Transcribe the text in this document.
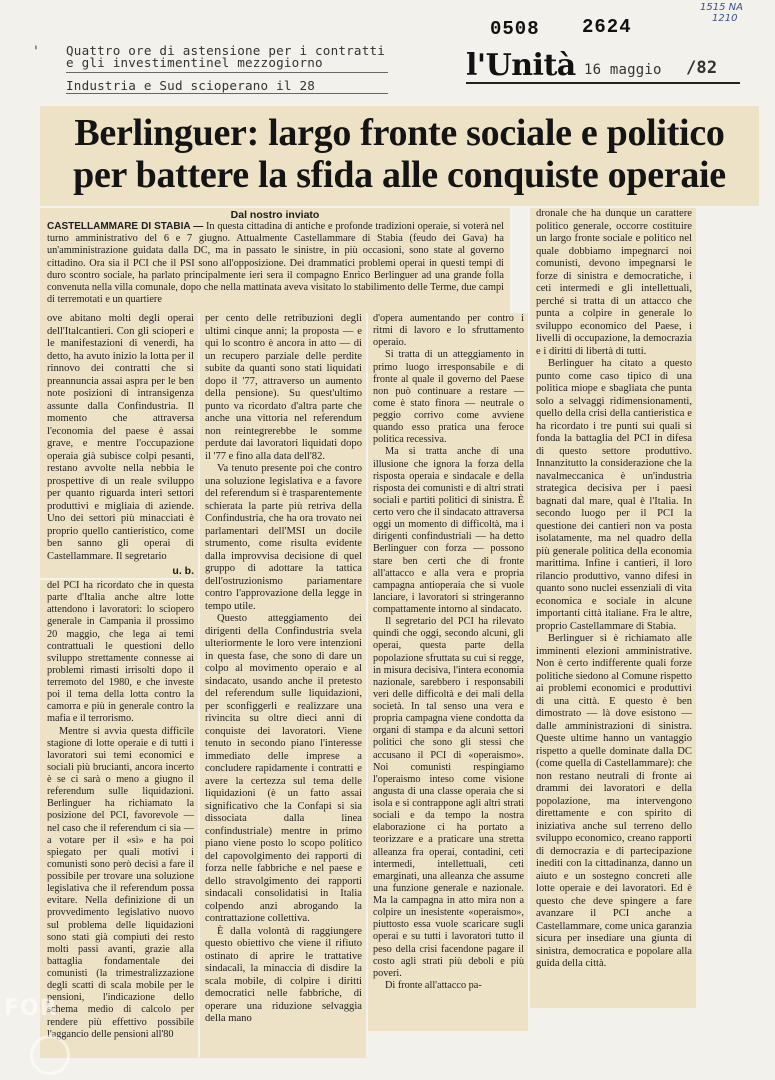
1515 NA
1210
0508 2624
' Quattro ore di astensione per i contratti
e gli investimentinel mezzogiorno
Industria e Sud scioperano il 28
l'Unità 16 maggio /82
Berlinguer: largo fronte sociale e politico
per battere la sfida alle conquiste operaie
Dal nostro inviato
CASTELLAMMARE DI STABIA — In questa cittadina di antiche e profonde tradizioni operaie, si voterà nel turno amministrativo del 6 e 7 giugno. Attualmente Castellammare di Stabia (feudo dei Gava) ha un'amministrazione guidata dalla DC, ma in passato le sinistre, in più occasioni, sono state al governo cittadino. Ora sia il PCI che il PSI sono all'opposizione. Dei drammatici problemi operai in questi tempi di duro scontro sociale, ha parlato principalmente ieri sera il compagno Enrico Berlinguer ad una grande folla convenuta nella villa comunale, dopo che nella mattinata aveva visitato lo stabilimento delle Terme, due campi di terremotati e un quartiere

ove abitano molti degli operai dell'Italcantieri. Con gli scioperi e le manifestazioni di venerdì, ha detto, ha avuto inizio la lotta per il rinnovo dei contratti che si preannuncia assai aspra per le ben note posizioni di intransigenza assunte dalla Confindustria. Il momento che attraversa l'economia del paese è assai grave, e mentre l'occupazione operaia già subisce colpi pesanti, restano avvolte nella nebbia le prospettive di un reale sviluppo per quanto riguarda interi settori produttivi e migliaia di aziende. Uno dei settori più minacciati è proprio quello cantieristico, come ben sanno gli operai di Castellammare. Il segretario

u. b.

del PCI ha ricordato che in questa parte d'Italia anche altre lotte attendono i lavoratori: lo sciopero generale in Campania il prossimo 20 maggio, che lega ai temi contrattuali le questioni dello sviluppo strettamente connesse ai problemi rimasti irrisolti dopo il terremoto del 1980, e che investe poi il tema della lotta contro la camorra e più in generale contro la mafia e il terrorismo.

Mentre si avvia questa difficile stagione di lotte operaie e di tutti i lavoratori sui temi economici e sociali più brucianti, ancora incerto è se ci sarà o meno a giugno il referendum sulle liquidazioni. Berlinguer ha richiamato la posizione del PCI, favorevole — nel caso che il referendum ci sia — a votare per il «sì» e ha poi spiegato per quali motivi i comunisti sono però decisi a fare il possibile per trovare una soluzione legislativa che il referendum possa evitare. Nella definizione di un provvedimento legislativo nuovo sul problema delle liquidazioni sono stati già compiuti dei resto molti passi avanti, grazie alla battaglia fondamentale dei comunisti (la trimestralizzazione degli scatti di scala mobile per le pensioni, l'indicazione dello schema medio di calcolo per rendere più effettivo possibile l'aggancio delle pensioni all'80

per cento delle retribuzioni degli ultimi cinque anni; la proposta — e qui lo scontro è ancora in atto — di un recupero parziale delle perdite subite da quanti sono stati liquidati dopo il '77, attraverso un aumento della pensione). Su quest'ultimo punto va ricordato d'altra parte che anche una vittoria nel referendum non reintegrerebbe le somme perdute dai lavoratori liquidati dopo il '77 e fino alla data dell'82.

Va tenuto presente poi che contro una soluzione legislativa e a favore del referendum si è trasparentemente schierata la parte più retriva della Confindustria, che ha ora trovato nei parlamentari dell'MSI un docile strumento, come risulta evidente dalla improvvisa decisione di quel gruppo di adottare la tattica dell'ostruzionismo pariamentare contro l'approvazione della legge in tempo utile.

Questo atteggiamento dei dirigenti della Confindustria svela ulteriormente le loro vere intenzioni in questa fase, che sono di dare un colpo al movimento operaio e al sindacato, usando anche il pretesto del referendum sulle liquidazioni, per sconfiggerli e realizzare una rivincita su oltre dieci anni di conquiste dei lavoratori. Viene tenuto in secondo piano l'interesse immediato delle imprese a concludere rapidamente i contratti e avere la certezza sul tema delle liquidazioni (è un fatto assai significativo che la Confapi si sia dissociata dalla linea confindustriale) mentre in primo piano viene posto lo scopo politico del capovolgimento dei rapporti di forza nelle fabbriche e nel paese e dello stravolgimento dei rapporti sindacali consolidatisi in Italia colpendo anzi abrogando la contrattazione collettiva.

È dalla volontà di raggiungere questo obiettivo che viene il rifiuto ostinato di aprire le trattative sindacali, la minaccia di disdire la scala mobile, di colpire i diritti democratici nelle fabbriche, di operare una riduzione selvaggia della mano

d'opera aumentando per contro i ritmi di lavoro e lo sfruttamento operaio.

Si tratta di un atteggiamento in primo luogo irresponsabile e di fronte al quale il governo del Paese non può continuare a restare — come è stato finora — neutrale o peggio corrivo come avviene quando esso pratica una feroce politica recessiva.

Ma si tratta anche di una illusione che ignora la forza della risposta operaia e sindacale e della risposta dei comunisti e di altri strati sociali e partiti politici di sinistra. È certo vero che il sindacato attraversa oggi un momento di difficoltà, ma i dirigenti confindustriali — ha detto Berlinguer con forza — possono stare ben certi che di fronte all'attacco e alla vera e propria campagna antioperaia che si vuole lanciare, i lavoratori si stringeranno compattamente intorno al sindacato.

Il segretario del PCI ha rilevato quindi che oggi, secondo alcuni, gli operai, questa parte della popolazione sfruttata su cui si regge, in misura decisiva, l'intera economia nazionale, sarebbero i responsabili veri delle difficoltà e dei mali della società. In tal senso una vera e propria campagna viene condotta da organi di stampa e da alcuni settori politici che sono gli stessi che accusano il PCI di «operaismo». Noi comunisti respingiamo l'operaismo inteso come visione angusta di una classe operaia che si isola e si contrappone agli altri strati sociali e da tempo la nostra elaborazione ci ha portato a teorizzare e a praticare una stretta alleanza fra operai, contadini, ceti intermedi, intellettuali, ceti emarginati, una alleanza che assume una funzione generale e nazionale. Ma la campagna in atto mira non a colpire un inesistente «operaismo», piuttosto essa vuole scaricare sugli operai e su tutti i lavoratori tutto il peso della crisi facendone pagare il costo agli strati più deboli e più poveri.

Di fronte all'attacco pa-

dronale che ha dunque un carattere politico generale, occorre costituire un largo fronte sociale e politico nel quale dobbiamo impegnarci noi comunisti, devono impegnarsi le forze di sinistra e democratiche, i ceti intermedi e gli intellettuali, perché si tratta di un attacco che punta a colpire in generale lo sviluppo economico del Paese, i livelli di occupazione, la democrazia e i diritti di libertà di tutti.

Berlinguer ha citato a questo punto come caso tipico di una politica miope e sbagliata che punta solo a selvaggi ridimensionamenti, quello della crisi della cantieristica e ha ricordato i tre punti sui quali si fonda la battaglia del PCI in difesa di questo settore produttivo. Innanzitutto la considerazione che la navalmeccanica è un'industria strategica decisiva per i paesi bagnati dal mare, qual è l'Italia. In secondo luogo per il PCI la questione dei cantieri non va posta isolatamente, ma nel quadro della più generale politica della economia marittima. Infine i cantieri, il loro rilancio produttivo, vanno difesi in quanto sono nuclei essenziali di vita economica e sociale in alcune importanti città italiane. Fra le altre, proprio Castellammare di Stabia.

Berlinguer si è richiamato alle imminenti elezioni amministrative. Non è certo indifferente quali forze politiche siedono al Comune rispetto ai problemi economici e produttivi di una città. E questo è ben dimostrato — là dove esistono — dalle amministrazioni di sinistra. Queste ultime hanno un vantaggio rispetto a quelle dominate dalla DC (come quella di Castellammare): che non restano neutrali di fronte ai drammi dei lavoratori e della popolazione, ma intervengono direttamente e con spirito di iniziativa anche sul terreno dello sviluppo economico, creano rapporti di democrazia e di partecipazione inediti con la cittadinanza, danno un aiuto e un sostegno concreti alle lotte operaie e dei lavoratori. Ed è questo che deve spingere a fare avanzare il PCI anche a Castellammare, come unica garanzia sicura per insediare una giunta di sinistra, democratica e popolare alla guida della città.

FOR
